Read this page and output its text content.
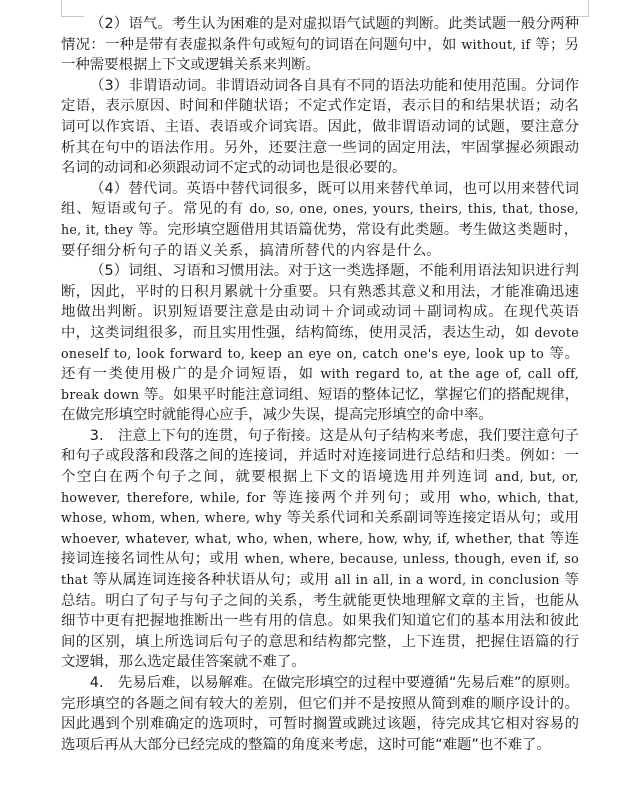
（2）语气。考生认为困难的是对虚拟语气试题的判断。此类试题一般分两种情况：一种是带有表虚拟条件句或短句的词语在问题句中，如 without, if 等；另一种需要根据上下文或逻辑关系来判断。

（3）非谓语动词。非谓语动词各自具有不同的语法功能和使用范围。分词作定语，表示原因、时间和伴随状语；不定式作定语，表示目的和结果状语；动名词可以作宾语、主语、表语或介词宾语。因此，做非谓语动词的试题，要注意分析其在句中的语法作用。另外，还要注意一些词的固定用法，牢固掌握必须跟动名词的动词和必须跟动词不定式的动词也是很必要的。

（4）替代词。英语中替代词很多，既可以用来替代单词，也可以用来替代词组、短语或句子。常见的有 do, so, one, ones, yours, theirs, this, that, those, he, it, they 等。完形填空题借用其语篇优势，常设有此类题。考生做这类题时，要仔细分析句子的语义关系，搞清所替代的内容是什么。

（5）词组、习语和习惯用法。对于这一类选择题，不能利用语法知识进行判断，因此，平时的日积月累就十分重要。只有熟悉其意义和用法，才能准确迅速地做出判断。识别短语要注意是由动词＋介词或动词＋副词构成。在现代英语中，这类词组很多，而且实用性强，结构简练，使用灵活，表达生动，如 devote oneself to, look forward to, keep an eye on, catch one's eye, look up to 等。还有一类使用极广的是介词短语，如 with regard to, at the age of, call off, break down 等。如果平时能注意词组、短语的整体记忆，掌握它们的搭配规律，在做完形填空时就能得心应手，减少失误，提高完形填空的命中率。

3.　注意上下句的连贯，句子衔接。这是从句子结构来考虑，我们要注意句子和句子或段落和段落之间的连接词，并适时对连接词进行总结和归类。例如：一个空白在两个句子之间，就要根据上下文的语境选用并列连词 and, but, or, however, therefore, while, for 等连接两个并列句；或用 who, which, that, whose, whom, when, where, why 等关系代词和关系副词等连接定语从句；或用 whoever, whatever, what, who, when, where, how, why, if, whether, that 等连接词连接名词性从句；或用 when, where, because, unless, though, even if, so that 等从属连词连接各种状语从句；或用 all in all, in a word, in conclusion 等总结。明白了句子与句子之间的关系，考生就能更快地理解文章的主旨，也能从细节中更有把握地推断出一些有用的信息。如果我们知道它们的基本用法和彼此间的区别，填上所选词后句子的意思和结构都完整，上下连贯，把握住语篇的行文逻辑，那么选定最佳答案就不难了。

4.　先易后难，以易解难。在做完形填空的过程中要遵循“先易后难”的原则。完形填空的各题之间有较大的差别，但它们并不是按照从简到难的顺序设计的。因此遇到个别难确定的选项时，可暂时搁置或跳过该题，待完成其它相对容易的选项后再从大部分已经完成的整篇的角度来考虑，这时可能“难题”也不难了。
